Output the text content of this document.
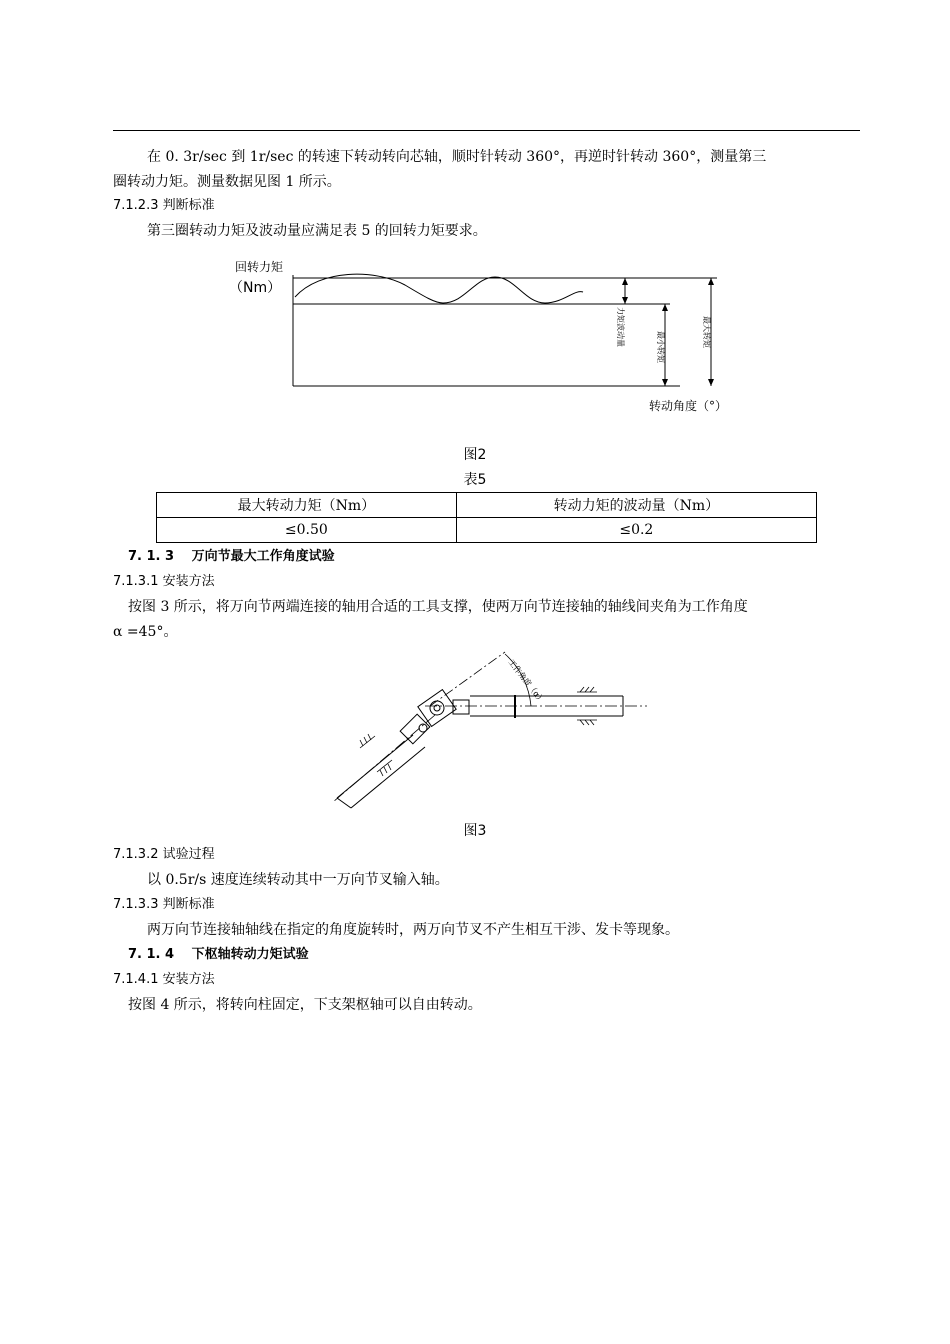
在 0. 3r/sec 到 1r/sec 的转速下转动转向芯轴，顺时针转动 360°，再逆时针转动 360°，测量第三
圈转动力矩。测量数据见图 1 所示。
7.1.2.3 判断标准
第三圈转动力矩及波动量应满足表 5 的回转力矩要求。
回转力矩
（Nm）
力矩波动量	最小转矩	最大转矩
转动角度（°）
图2
表5
最大转动力矩（Nm）	转动力矩的波动量（Nm）
≤0.50	≤0.2
7. 1. 3　 万向节最大工作角度试验
7.1.3.1 安装方法
按图 3 所示，将万向节两端连接的轴用合适的工具支撑，使两万向节连接轴的轴线间夹角为工作角度
α =45°。
工作角度（α）
图3
7.1.3.2 试验过程
以 0.5r/s 速度连续转动其中一万向节叉输入轴。
7.1.3.3 判断标准
两万向节连接轴轴线在指定的角度旋转时，两万向节叉不产生相互干涉、发卡等现象。
7. 1. 4　 下枢轴转动力矩试验
7.1.4.1 安装方法
按图 4 所示，将转向柱固定，下支架枢轴可以自由转动。
